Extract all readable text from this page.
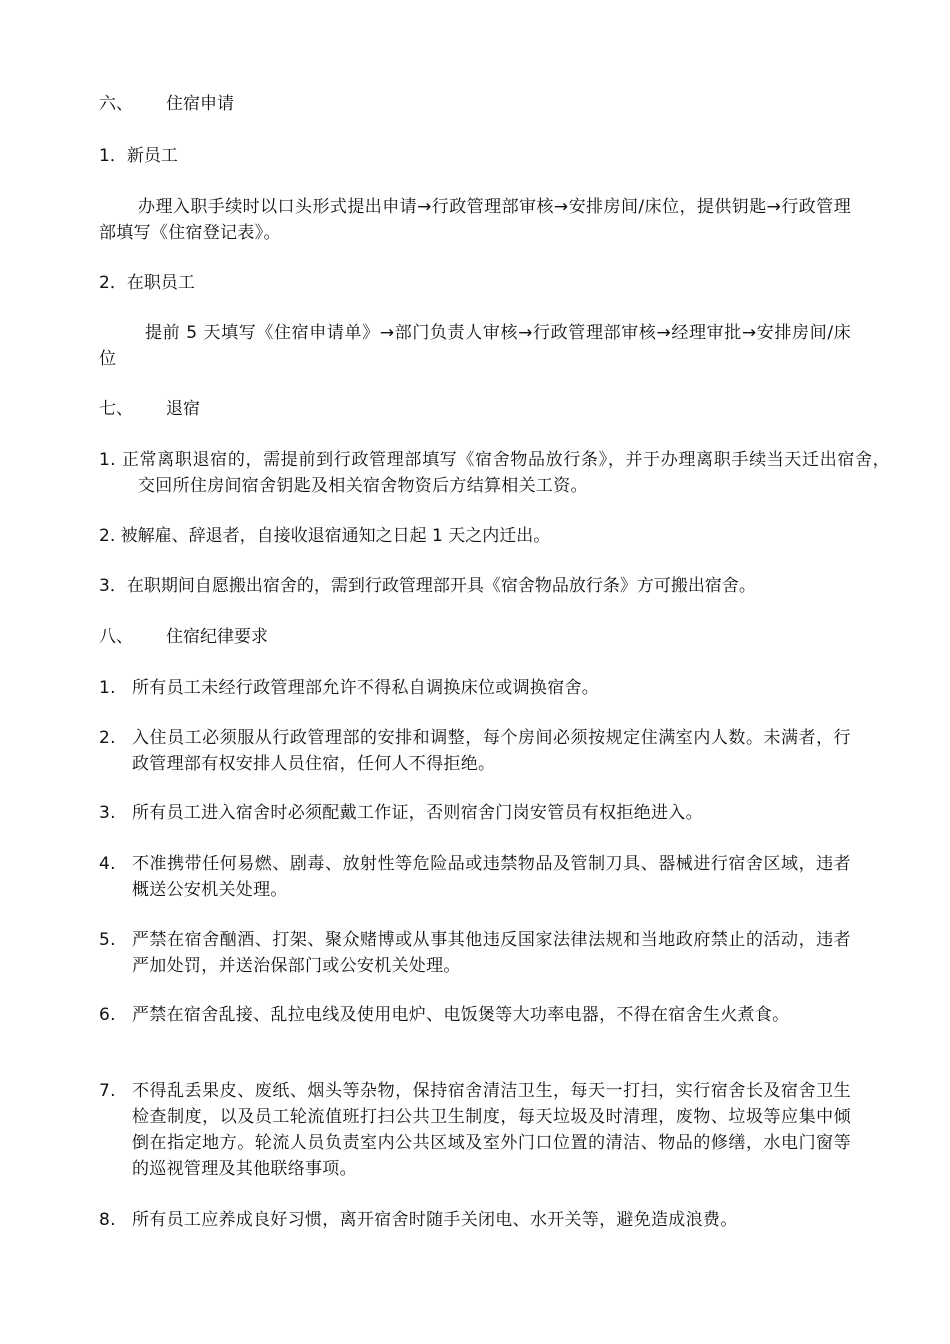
六、 住宿申请

1．新员工

办理入职手续时以口头形式提出申请→行政管理部审核→安排房间/床位，提供钥匙→行政管理部填写《住宿登记表》。

2．在职员工

提前 5 天填写《住宿申请单》→部门负责人审核→行政管理部审核→经理审批→安排房间/床位

七、 退宿

1. 正常离职退宿的，需提前到行政管理部填写《宿舍物品放行条》，并于办理离职手续当天迁出宿舍，交回所住房间宿舍钥匙及相关宿舍物资后方结算相关工资。

2. 被解雇、辞退者，自接收退宿通知之日起 1 天之内迁出。

3．在职期间自愿搬出宿舍的，需到行政管理部开具《宿舍物品放行条》方可搬出宿舍。

八、 住宿纪律要求

1. 所有员工未经行政管理部允许不得私自调换床位或调换宿舍。
2. 入住员工必须服从行政管理部的安排和调整，每个房间必须按规定住满室内人数。未满者，行政管理部有权安排人员住宿，任何人不得拒绝。
3. 所有员工进入宿舍时必须配戴工作证，否则宿舍门岗安管员有权拒绝进入。
4. 不准携带任何易燃、剧毒、放射性等危险品或违禁物品及管制刀具、器械进行宿舍区域，违者概送公安机关处理。
5. 严禁在宿舍酗酒、打架、聚众赌博或从事其他违反国家法律法规和当地政府禁止的活动，违者严加处罚，并送治保部门或公安机关处理。
6. 严禁在宿舍乱接、乱拉电线及使用电炉、电饭煲等大功率电器，不得在宿舍生火煮食。
7. 不得乱丢果皮、废纸、烟头等杂物，保持宿舍清洁卫生，每天一打扫，实行宿舍长及宿舍卫生检查制度，以及员工轮流值班打扫公共卫生制度，每天垃圾及时清理，废物、垃圾等应集中倾倒在指定地方。轮流人员负责室内公共区域及室外门口位置的清洁、物品的修缮，水电门窗等的巡视管理及其他联络事项。
8. 所有员工应养成良好习惯，离开宿舍时随手关闭电、水开关等，避免造成浪费。
